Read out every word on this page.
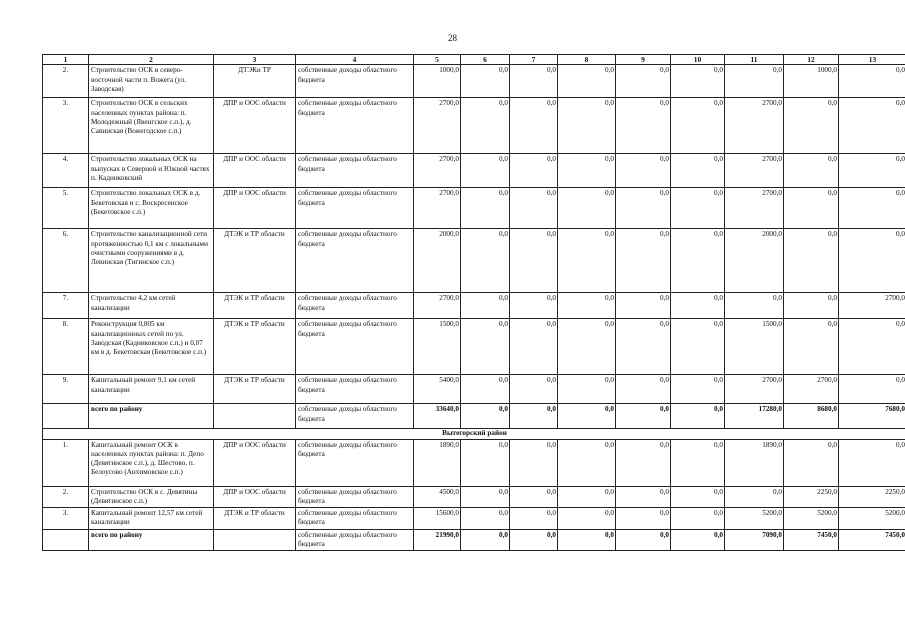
28
1	2	3	4	5	6	7	8	9	10	11	12	13
2.	Строительство ОСК в северо-восточной части п. Вожега (ул. Заводская)	ДТЭКи ТР	собственные доходы областного бюджета	1000,0	0,0	0,0	0,0	0,0	0,0	0,0	1000,0	0,0
3.	Строительство ОСК в сельских населенных пунктах района: п. Молодежный (Явенгское с.п.), д. Савинская (Вожегодское с.п.)	ДПР и ООС области	собственные доходы областного бюджета	2700,0	0,0	0,0	0,0	0,0	0,0	2700,0	0,0	0,0
4.	Строительство локальных ОСК на выпусках в Северной и Южной частях п. Кадниковский	ДПР и ООС области	собственные доходы областного бюджета	2700,0	0,0	0,0	0,0	0,0	0,0	2700,0	0,0	0,0
5.	Строительство локальных ОСК в д. Бекетовская и с. Воскресенское (Бекетовское с.п.)	ДПР и ООС области	собственные доходы областного бюджета	2700,0	0,0	0,0	0,0	0,0	0,0	2700,0	0,0	0,0
6.	Строительство канализационной сети протяженностью 0,1 км с локальными очистными сооружениями в д. Левинская (Тигинское с.п.)	ДТЭК и ТР области	собственные доходы областного бюджета	2000,0	0,0	0,0	0,0	0,0	0,0	2000,0	0,0	0,0
7.	Строительство 4,2 км сетей канализации	ДТЭК и ТР области	собственные доходы областного бюджета	2700,0	0,0	0,0	0,0	0,0	0,0	0,0	0,0	2700,0
8.	Реконструкция 0,805 км канализационных сетей по ул. Заводская (Кадниковское с.п.) и 0,07 км в д. Бекетовская (Бекетовское с.п.)	ДТЭК и ТР области	собственные доходы областного бюджета	1500,0	0,0	0,0	0,0	0,0	0,0	1500,0	0,0	0,0
9.	Капитальный ремонт 9,1 км сетей канализации	ДТЭК и ТР области	собственные доходы областного бюджета	5400,0	0,0	0,0	0,0	0,0	0,0	2700,0	2700,0	0,0
	всего по району		собственные доходы областного бюджета	33640,0	0,0	0,0	0,0	0,0	0,0	17280,0	8680,0	7680,0
Вытегорский район												
1.	Капитальный ремонт ОСК в населенных пунктах района: п. Депо (Девятинское с.п.), д. Шестово, п. Белоусово (Анхимовское с.п.)	ДПР и ООС области	собственные доходы областного бюджета	1890,0	0,0	0,0	0,0	0,0	0,0	1890,0	0,0	0,0
2.	Строительство ОСК в с. Девятины (Девятинское с.п.)	ДПР и ООС области	собственные доходы областного бюджета	4500,0	0,0	0,0	0,0	0,0	0,0	0,0	2250,0	2250,0
3.	Капитальный ремонт 12,57 км сетей канализации	ДТЭК и ТР области	собственные доходы областного бюджета	15600,0	0,0	0,0	0,0	0,0	0,0	5200,0	5200,0	5200,0
	всего по району		собственные доходы областного бюджета	21990,0	0,0	0,0	0,0	0,0	0,0	7090,0	7450,0	7450,0
